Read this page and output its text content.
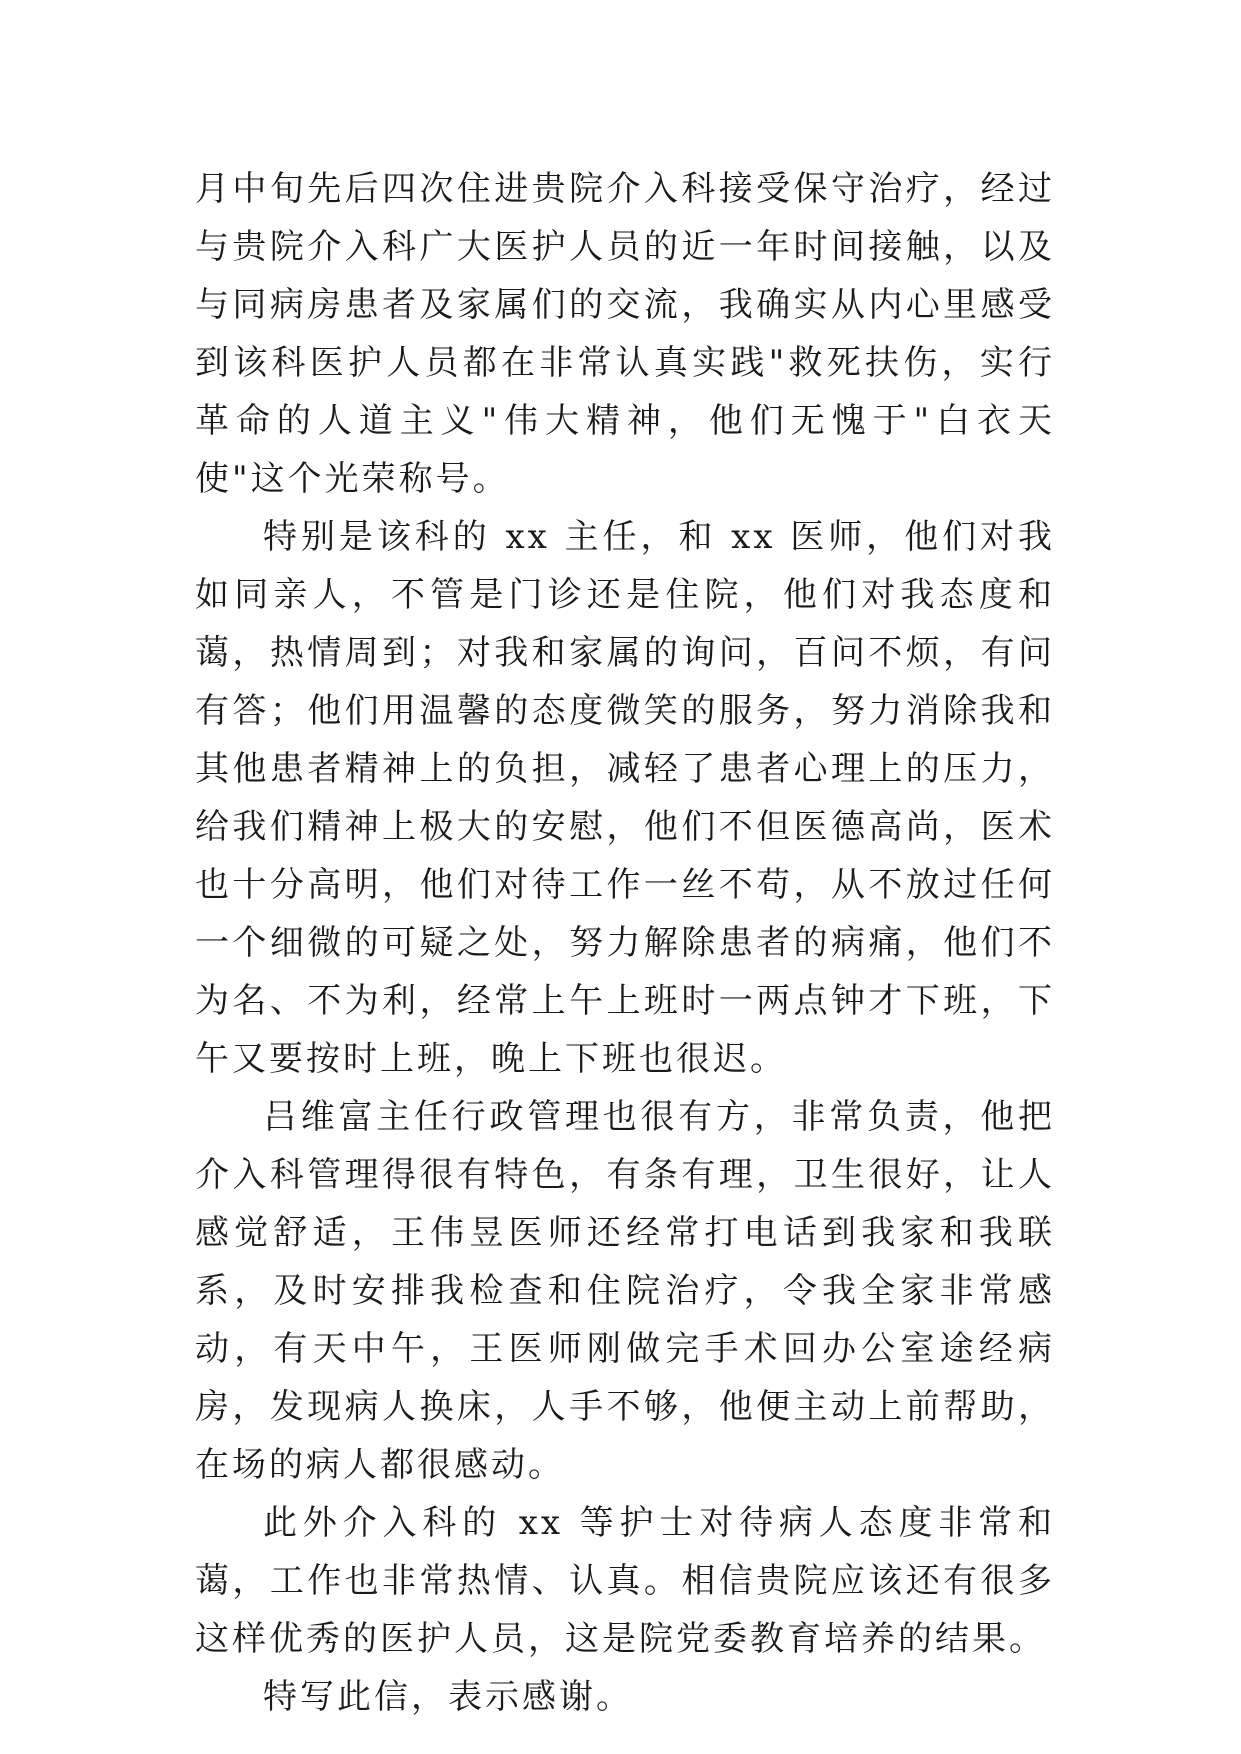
月中旬先后四次住进贵院介入科接受保守治疗，经过与贵院介入科广大医护人员的近一年时间接触，以及与同病房患者及家属们的交流，我确实从内心里感受到该科医护人员都在非常认真实践"救死扶伤，实行革命的人道主义"伟大精神，他们无愧于"白衣天使"这个光荣称号。

特别是该科的 xx 主任，和 xx 医师，他们对我如同亲人，不管是门诊还是住院，他们对我态度和蔼，热情周到；对我和家属的询问，百问不烦，有问有答；他们用温馨的态度微笑的服务，努力消除我和其他患者精神上的负担，减轻了患者心理上的压力，给我们精神上极大的安慰，他们不但医德高尚，医术也十分高明，他们对待工作一丝不苟，从不放过任何一个细微的可疑之处，努力解除患者的病痛，他们不为名、不为利，经常上午上班时一两点钟才下班，下午又要按时上班，晚上下班也很迟。

吕维富主任行政管理也很有方，非常负责，他把介入科管理得很有特色，有条有理，卫生很好，让人感觉舒适，王伟昱医师还经常打电话到我家和我联系，及时安排我检查和住院治疗，令我全家非常感动，有天中午，王医师刚做完手术回办公室途经病房，发现病人换床，人手不够，他便主动上前帮助，在场的病人都很感动。

此外介入科的 xx 等护士对待病人态度非常和蔼，工作也非常热情、认真。相信贵院应该还有很多这样优秀的医护人员，这是院党委教育培养的结果。

特写此信，表示感谢。
